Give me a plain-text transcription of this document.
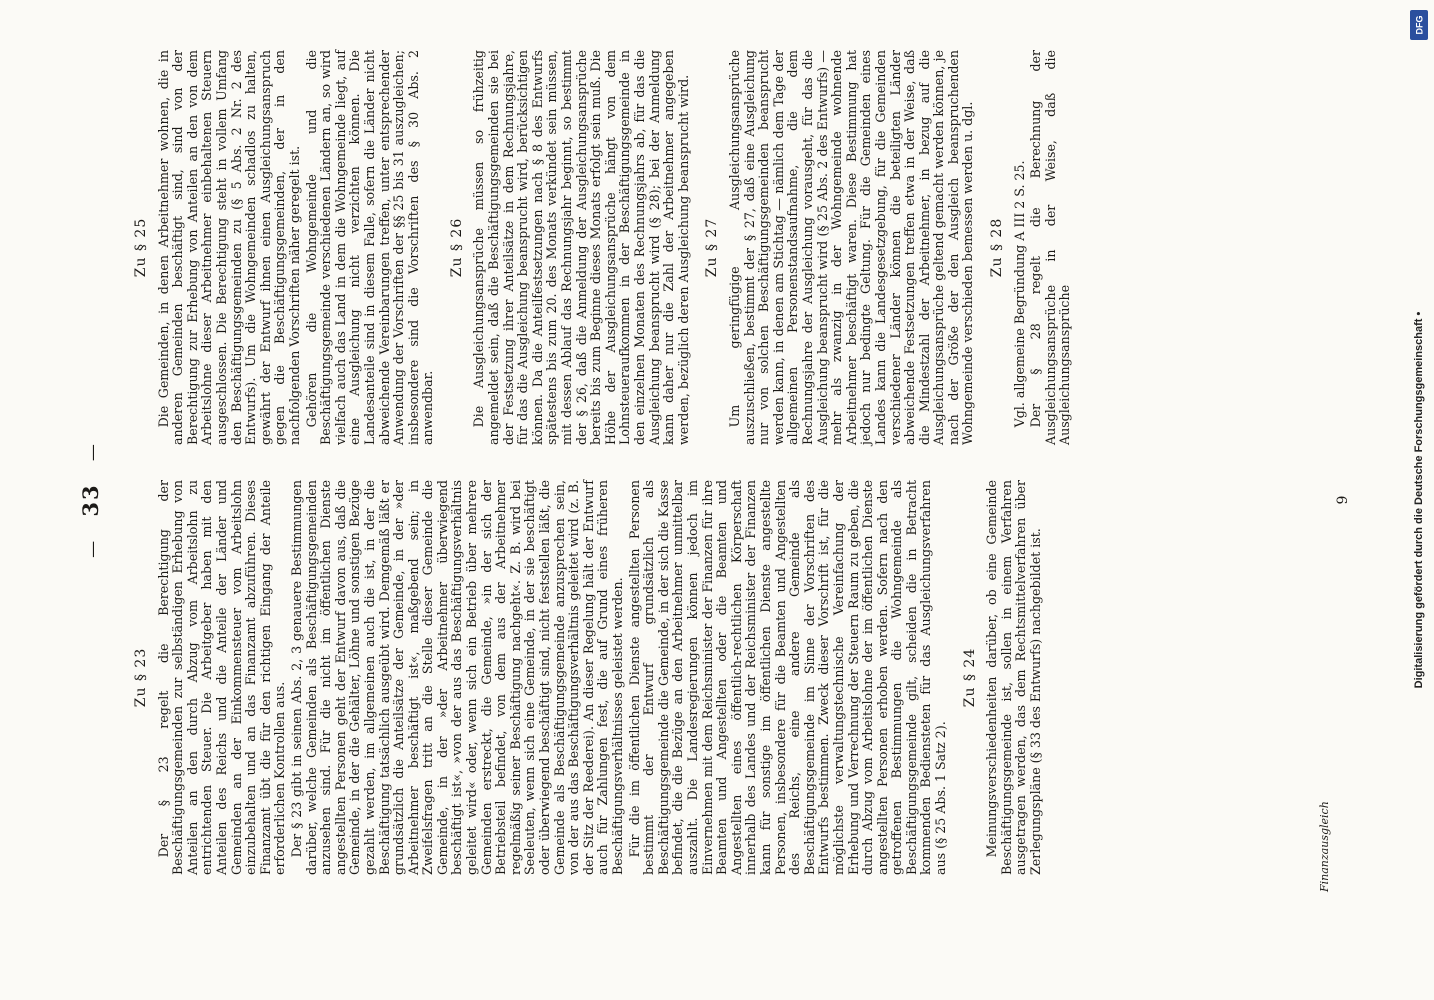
—   33   —
Zu § 23 Der § 23 regelt die Berechtigung der Beschäftigungsgemeinden zur selbständigen Erhebung von Anteilen an den durch Abzug vom Arbeitslohn zu entrichtenden Steuer. Die Arbeitgeber haben mit den Anteilen des Reichs und die Anteile der Länder und Gemeinden an der Einkommensteuer vom Arbeitslohn einzubehalten und an das Finanzamt abzuführen. Dieses Finanzamt übt die für den richtigen Eingang der Anteile erforderlichen Kontrollen aus. Der § 23 gibt in seinen Abs. 2, 3 genauere Bestimmungen darüber, welche Gemeinden als Beschäftigungsgemeinden anzusehen sind. Für die nicht im öffentlichen Dienste angestellten Personen geht der Entwurf davon aus, daß die Gemeinde, in der die Gehälter, Löhne und sonstigen Bezüge gezahlt werden, im allgemeinen auch die ist, in der die Beschäftigung tatsächlich ausgeübt wird. Demgemäß läßt er grundsätzlich die Anteilsätze der Gemeinde, in der »der Arbeitnehmer beschäftigt ist«, maßgebend sein; in Zweifelsfragen tritt an die Stelle dieser Gemeinde die Gemeinde, in der »der Arbeitnehmer überwiegend beschäftigt ist«, »von der aus das Beschäftigungsverhältnis geleitet wird« oder, wenn sich ein Betrieb über mehrere Gemeinden erstreckt, die Gemeinde, »in der sich der Betriebsteil befindet, von dem aus der Arbeitnehmer regelmäßig seiner Beschäftigung nachgeht«. Z. B. wird bei Seeleuten, wenn sich eine Gemeinde, in der sie beschäftigt oder überwiegend beschäftigt sind, nicht feststellen läßt, die Gemeinde als Beschäftigungsgemeinde anzusprechen sein, von der aus das Beschäftigungsverhältnis geleitet wird (z. B. der Sitz der Reederei). An dieser Regelung hält der Entwurf auch für Zahlungen fest, die auf Grund eines früheren Beschäftigungsverhältnisses geleistet werden. Für die im öffentlichen Dienste angestellten Personen bestimmt der Entwurf grundsätzlich als Beschäftigungsgemeinde die Gemeinde, in der sich die Kasse befindet, die die Bezüge an den Arbeitnehmer unmittelbar auszahlt. Die Landesregierungen können jedoch im Einvernehmen mit dem Reichsminister der Finanzen für ihre Beamten und Angestellten oder die Beamten und Angestellten eines öffentlich-rechtlichen Körperschaft innerhalb des Landes und der Reichsminister der Finanzen kann für sonstige im öffentlichen Dienste angestellte Personen, insbesondere für die Beamten und Angestellten des Reichs, eine andere Gemeinde als Beschäftigungsgemeinde im Sinne der Vorschriften des Entwurfs bestimmen. Zweck dieser Vorschrift ist, für die möglichste verwaltungstechnische Vereinfachung der Erhebung und Verrechnung der Steuern Raum zu geben, die durch Abzug vom Arbeitslohne der im öffentlichen Dienste angestellten Personen erhoben werden. Sofern nach den getroffenen Bestimmungen die Wohngemeinde als Beschäftigungsgemeinde gilt, scheiden die in Betracht kommenden Bediensteten für das Ausgleichungsverfahren aus (§ 25 Abs. 1 Satz 2).
Zu § 24 Meinungsverschiedenheiten darüber, ob eine Gemeinde Beschäftigungsgemeinde ist, sollen in einem Verfahren ausgetragen werden, das dem Rechtsmittelverfahren über Zerlegungspläne (§ 33 des Entwurfs) nachgebildet ist.
Zu § 25 Die Gemeinden, in denen Arbeitnehmer wohnen, die in anderen Gemeinden beschäftigt sind, sind von der Berechtigung zur Erhebung von Anteilen an den von dem Arbeitslohne dieser Arbeitnehmer einbehaltenen Steuern ausgeschlossen. Die Berechtigung steht in vollem Umfang den Beschäftigungsgemeinden zu (§ 5 Abs. 2 Nr. 2 des Entwurfs). Um die Wohngemeinden schadlos zu halten, gewährt der Entwurf ihnen einen Ausgleichungsanspruch gegen die Beschäftigungsgemeinden, der in den nachfolgenden Vorschriften näher geregelt ist. Gehören die Wohngemeinde und die Beschäftigungsgemeinde verschiedenen Ländern an, so wird vielfach auch das Land in dem die Wohngemeinde liegt, auf eine Ausgleichung nicht verzichten können. Die Landesanteile sind in diesem Falle, sofern die Länder nicht abweichende Vereinbarungen treffen, unter entsprechender Anwendung der Vorschriften der §§ 25 bis 31 auszugleichen; insbesondere sind die Vorschriften des § 30 Abs. 2 anwendbar.
Zu § 26 Die Ausgleichungsansprüche müssen so frühzeitig angemeldet sein, daß die Beschäftigungsgemeinden sie bei der Festsetzung ihrer Anteilsätze in dem Rechnungsjahre, für das die Ausgleichung beansprucht wird, berücksichtigen können. Da die Anteilfestsetzungen nach § 8 des Entwurfs spätestens bis zum 20. des Monats verkündet sein müssen, mit dessen Ablauf das Rechnungsjahr beginnt, so bestimmt der § 26, daß die Anmeldung der Ausgleichungsansprüche bereits bis zum Beginne dieses Monats erfolgt sein muß. Die Höhe der Ausgleichungsansprüche hängt von dem Lohnsteueraufkommen in der Beschäftigungsgemeinde in den einzelnen Monaten des Rechnungsjahrs ab, für das die Ausgleichung beansprucht wird (§ 28); bei der Anmeldung kann daher nur die Zahl der Arbeitnehmer angegeben werden, bezüglich deren Ausgleichung beansprucht wird. Zu § 27 Um geringfügige Ausgleichungsansprüche auszuschließen, bestimmt der § 27, daß eine Ausgleichung nur von solchen Beschäftigungsgemeinden beansprucht werden kann, in denen am Stichtag — nämlich dem Tage der allgemeinen Personenstandsaufnahme, die dem Rechnungsjahre der Ausgleichung vorausgeht, für das die Ausgleichung beansprucht wird (§ 25 Abs. 2 des Entwurfs) — mehr als zwanzig in der Wohngemeinde wohnende Arbeitnehmer beschäftigt waren. Diese Bestimmung hat jedoch nur bedingte Geltung. Für die Gemeinden eines Landes kann die Landesgesetzgebung, für die Gemeinden verschiedener Länder können die beteiligten Länder abweichende Festsetzungen treffen etwa in der Weise, daß die Mindestzahl der Arbeitnehmer, in bezug auf die Ausgleichungsansprüche geltend gemacht werden können, je nach der Größe der den Ausgleich beanspruchenden Wohngemeinde verschieden bemessen werden u. dgl. Zu § 28 Vgl. allgemeine Begründung A III 2 S. 25. Der § 28 regelt die Berechnung der Ausgleichungsansprüche in der Weise, daß die Ausgleichungsansprüche
Finanzausgleich
9
DFG
Digitalisierung gefördert durch die Deutsche Forschungsgemeinschaft •
